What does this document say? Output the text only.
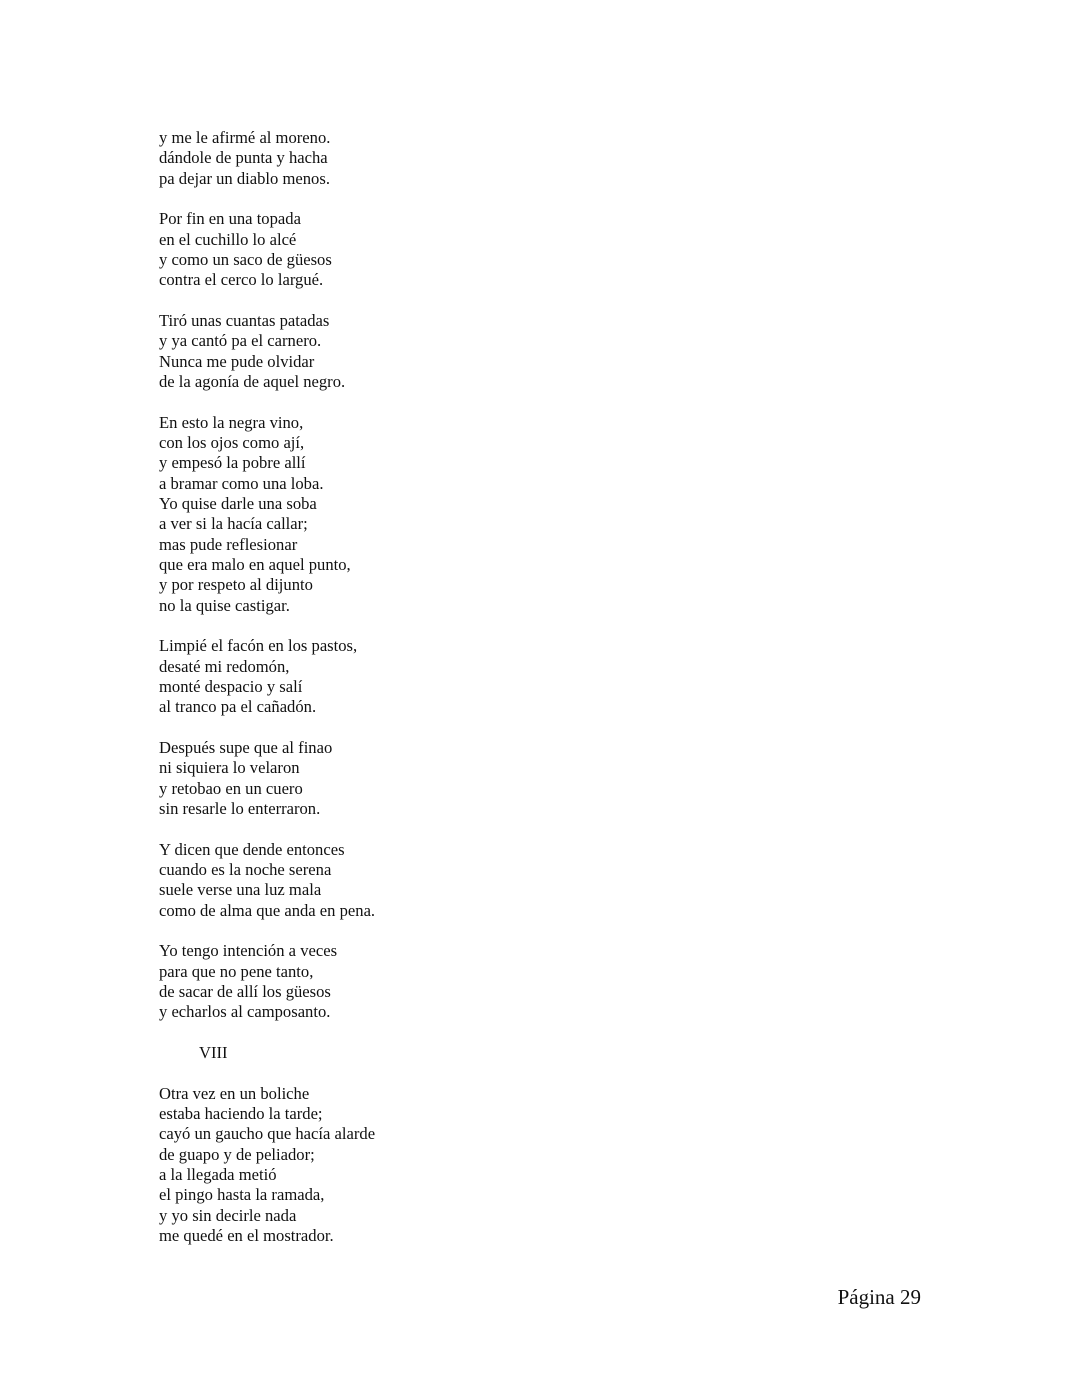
y me le afirmé al moreno.
dándole de punta y hacha
pa dejar un diablo menos.
Por fin en una topada
en el cuchillo lo alcé
y como un saco de güesos
contra el cerco lo largué.
Tiró unas cuantas patadas
y ya cantó pa el carnero.
Nunca me pude olvidar
de la agonía de aquel negro.
En esto la negra vino,
con los ojos como ají,
y empesó la pobre allí
a bramar como una loba.
Yo quise darle una soba
a ver si la hacía callar;
mas pude reflesionar
que era malo en aquel punto,
y por respeto al dijunto
no la quise castigar.
Limpié el facón en los pastos,
desaté mi redomón,
monté despacio y salí
al tranco pa el cañadón.
Después supe que al finao
ni siquiera lo velaron
y retobao en un cuero
sin resarle lo enterraron.
Y dicen que dende entonces
cuando es la noche serena
suele verse una luz mala
como de alma que anda en pena.
Yo tengo intención a veces
para que no pene tanto,
de sacar de allí los güesos
y echarlos al camposanto.
VIII
Otra vez en un boliche
estaba haciendo la tarde;
cayó un gaucho que hacía alarde
de guapo y de peliador;
a la llegada metió
el pingo hasta la ramada,
y yo sin decirle nada
me quedé en el mostrador.
Página 29
